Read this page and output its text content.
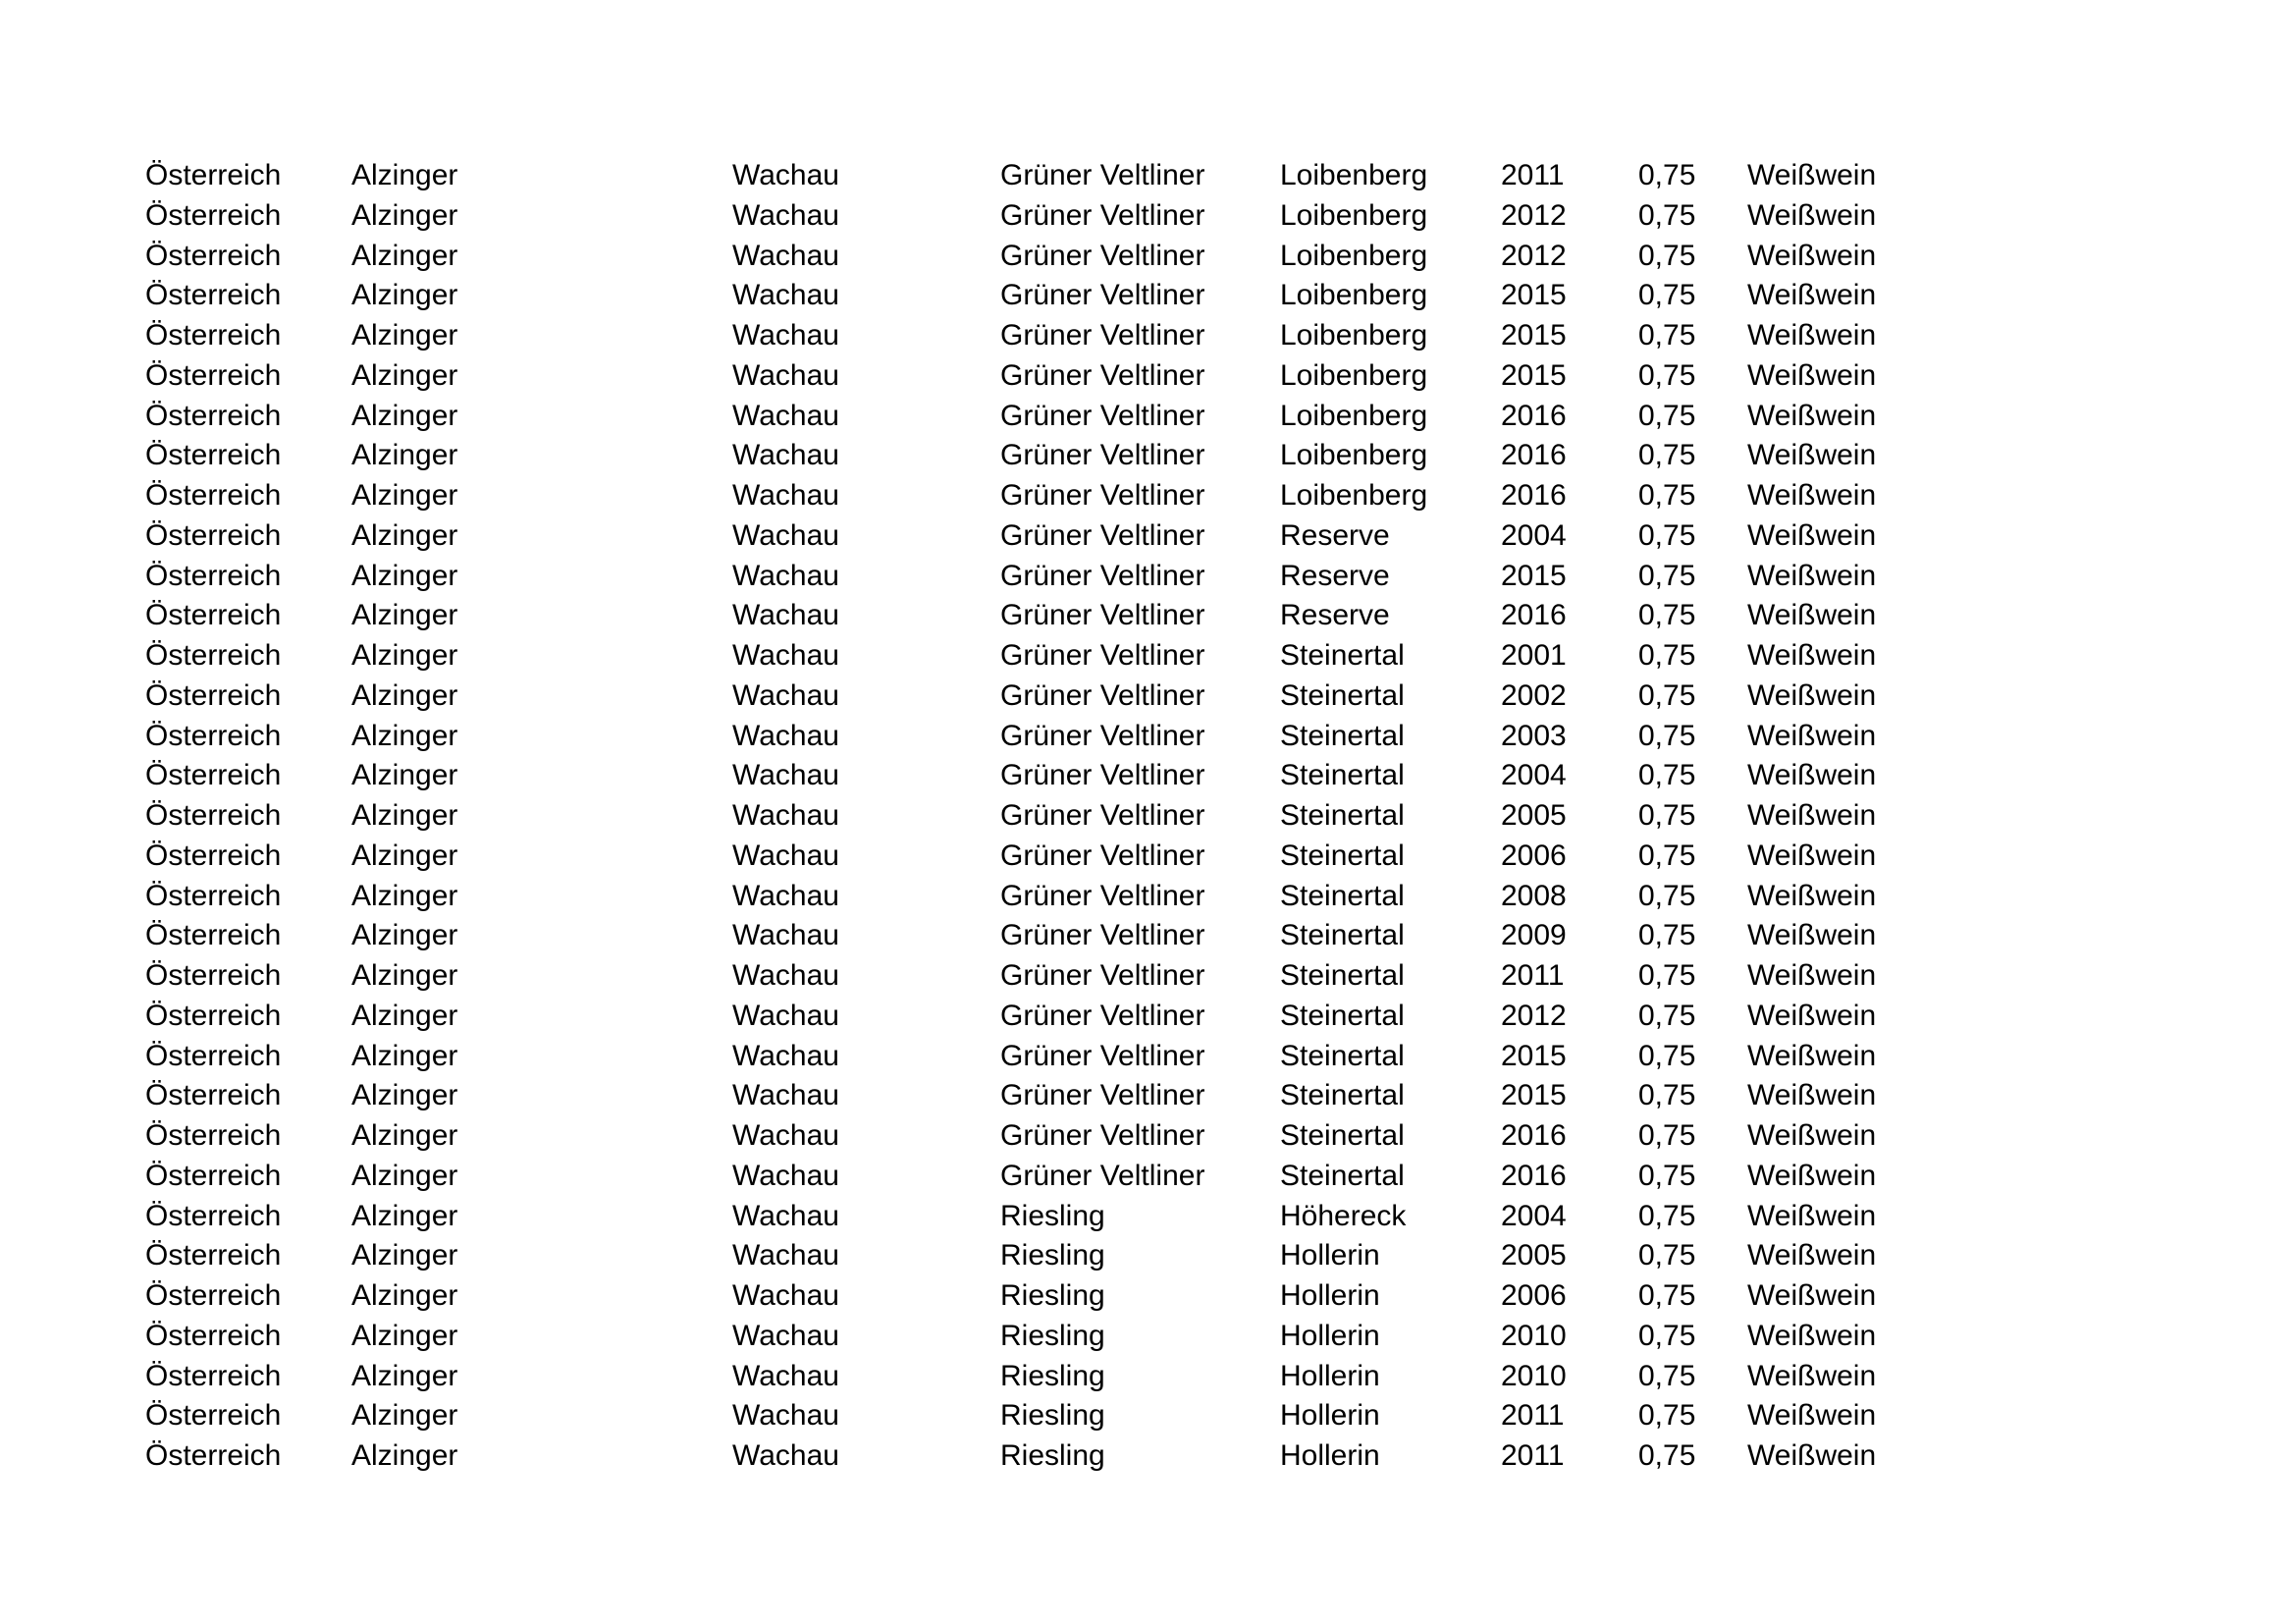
Österreich	Alzinger	Wachau	Grüner Veltliner	Loibenberg	2011	0,75	Weißwein
Österreich	Alzinger	Wachau	Grüner Veltliner	Loibenberg	2012	0,75	Weißwein
Österreich	Alzinger	Wachau	Grüner Veltliner	Loibenberg	2012	0,75	Weißwein
Österreich	Alzinger	Wachau	Grüner Veltliner	Loibenberg	2015	0,75	Weißwein
Österreich	Alzinger	Wachau	Grüner Veltliner	Loibenberg	2015	0,75	Weißwein
Österreich	Alzinger	Wachau	Grüner Veltliner	Loibenberg	2015	0,75	Weißwein
Österreich	Alzinger	Wachau	Grüner Veltliner	Loibenberg	2016	0,75	Weißwein
Österreich	Alzinger	Wachau	Grüner Veltliner	Loibenberg	2016	0,75	Weißwein
Österreich	Alzinger	Wachau	Grüner Veltliner	Loibenberg	2016	0,75	Weißwein
Österreich	Alzinger	Wachau	Grüner Veltliner	Reserve	2004	0,75	Weißwein
Österreich	Alzinger	Wachau	Grüner Veltliner	Reserve	2015	0,75	Weißwein
Österreich	Alzinger	Wachau	Grüner Veltliner	Reserve	2016	0,75	Weißwein
Österreich	Alzinger	Wachau	Grüner Veltliner	Steinertal	2001	0,75	Weißwein
Österreich	Alzinger	Wachau	Grüner Veltliner	Steinertal	2002	0,75	Weißwein
Österreich	Alzinger	Wachau	Grüner Veltliner	Steinertal	2003	0,75	Weißwein
Österreich	Alzinger	Wachau	Grüner Veltliner	Steinertal	2004	0,75	Weißwein
Österreich	Alzinger	Wachau	Grüner Veltliner	Steinertal	2005	0,75	Weißwein
Österreich	Alzinger	Wachau	Grüner Veltliner	Steinertal	2006	0,75	Weißwein
Österreich	Alzinger	Wachau	Grüner Veltliner	Steinertal	2008	0,75	Weißwein
Österreich	Alzinger	Wachau	Grüner Veltliner	Steinertal	2009	0,75	Weißwein
Österreich	Alzinger	Wachau	Grüner Veltliner	Steinertal	2011	0,75	Weißwein
Österreich	Alzinger	Wachau	Grüner Veltliner	Steinertal	2012	0,75	Weißwein
Österreich	Alzinger	Wachau	Grüner Veltliner	Steinertal	2015	0,75	Weißwein
Österreich	Alzinger	Wachau	Grüner Veltliner	Steinertal	2015	0,75	Weißwein
Österreich	Alzinger	Wachau	Grüner Veltliner	Steinertal	2016	0,75	Weißwein
Österreich	Alzinger	Wachau	Grüner Veltliner	Steinertal	2016	0,75	Weißwein
Österreich	Alzinger	Wachau	Riesling	Höhereck	2004	0,75	Weißwein
Österreich	Alzinger	Wachau	Riesling	Hollerin	2005	0,75	Weißwein
Österreich	Alzinger	Wachau	Riesling	Hollerin	2006	0,75	Weißwein
Österreich	Alzinger	Wachau	Riesling	Hollerin	2010	0,75	Weißwein
Österreich	Alzinger	Wachau	Riesling	Hollerin	2010	0,75	Weißwein
Österreich	Alzinger	Wachau	Riesling	Hollerin	2011	0,75	Weißwein
Österreich	Alzinger	Wachau	Riesling	Hollerin	2011	0,75	Weißwein
